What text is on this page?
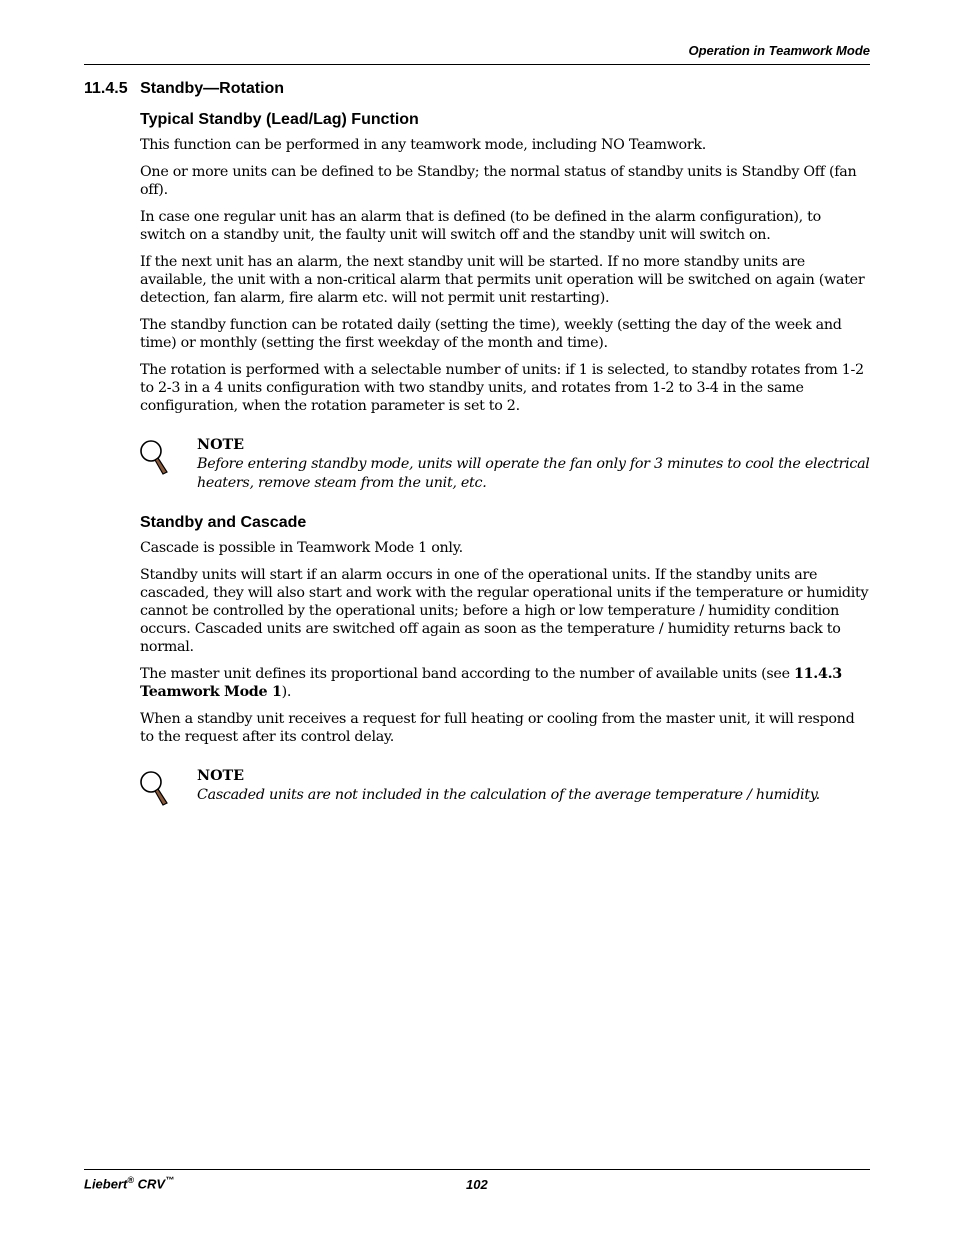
Operation in Teamwork Mode
11.4.5 Standby—Rotation
Typical Standby (Lead/Lag) Function

This function can be performed in any teamwork mode, including NO Teamwork.

One or more units can be defined to be Standby; the normal status of standby units is Standby Off (fan off).

In case one regular unit has an alarm that is defined (to be defined in the alarm configuration), to switch on a standby unit, the faulty unit will switch off and the standby unit will switch on.

If the next unit has an alarm, the next standby unit will be started. If no more standby units are available, the unit with a non-critical alarm that permits unit operation will be switched on again (water detection, fan alarm, fire alarm etc. will not permit unit restarting).

The standby function can be rotated daily (setting the time), weekly (setting the day of the week and time) or monthly (setting the first weekday of the month and time).

The rotation is performed with a selectable number of units: if 1 is selected, to standby rotates from 1-2 to 2-3 in a 4 units configuration with two standby units, and rotates from 1-2 to 3-4 in the same configuration, when the rotation parameter is set to 2.

NOTE

Before entering standby mode, units will operate the fan only for 3 minutes to cool the electrical heaters, remove steam from the unit, etc.

Standby and Cascade

Cascade is possible in Teamwork Mode 1 only.

Standby units will start if an alarm occurs in one of the operational units. If the standby units are cascaded, they will also start and work with the regular operational units if the temperature or humidity cannot be controlled by the operational units; before a high or low temperature / humidity condition occurs. Cascaded units are switched off again as soon as the temperature / humidity returns back to normal.

The master unit defines its proportional band according to the number of available units (see 11.4.3 Teamwork Mode 1).

When a standby unit receives a request for full heating or cooling from the master unit, it will respond to the request after its control delay.

NOTE

Cascaded units are not included in the calculation of the average temperature / humidity.

Liebert® CRV™	102
